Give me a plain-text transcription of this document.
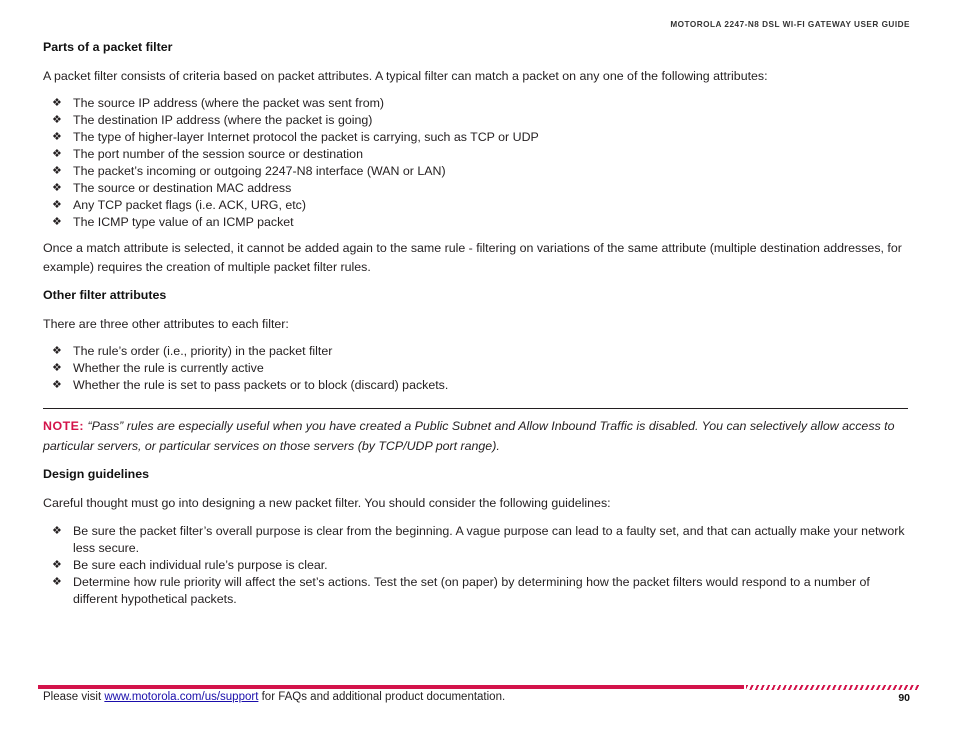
MOTOROLA 2247-N8 DSL WI-FI GATEWAY USER GUIDE
Parts of a packet filter

A packet filter consists of criteria based on packet attributes. A typical filter can match a packet on any one of the following attributes:

❖ The source IP address (where the packet was sent from)
❖ The destination IP address (where the packet is going)
❖ The type of higher-layer Internet protocol the packet is carrying, such as TCP or UDP
❖ The port number of the session source or destination
❖ The packet’s incoming or outgoing 2247-N8 interface (WAN or LAN)
❖ The source or destination MAC address
❖ Any TCP packet flags (i.e. ACK, URG, etc)
❖ The ICMP type value of an ICMP packet

Once a match attribute is selected, it cannot be added again to the same rule - filtering on variations of the same attribute (multiple destination addresses, for example) requires the creation of multiple packet filter rules.

Other filter attributes

There are three other attributes to each filter:

❖ The rule’s order (i.e., priority) in the packet filter
❖ Whether the rule is currently active
❖ Whether the rule is set to pass packets or to block (discard) packets.

NOTE: “Pass” rules are especially useful when you have created a Public Subnet and Allow Inbound Traffic is disabled. You can selectively allow access to particular servers, or particular services on those servers (by TCP/UDP port range).

Design guidelines

Careful thought must go into designing a new packet filter. You should consider the following guidelines:

❖ Be sure the packet filter’s overall purpose is clear from the beginning. A vague purpose can lead to a faulty set, and that can actually make your network less secure.
❖ Be sure each individual rule’s purpose is clear.
❖ Determine how rule priority will affect the set’s actions. Test the set (on paper) by determining how the packet filters would respond to a number of different hypothetical packets.
Please visit www.motorola.com/us/support for FAQs and additional product documentation.	90
